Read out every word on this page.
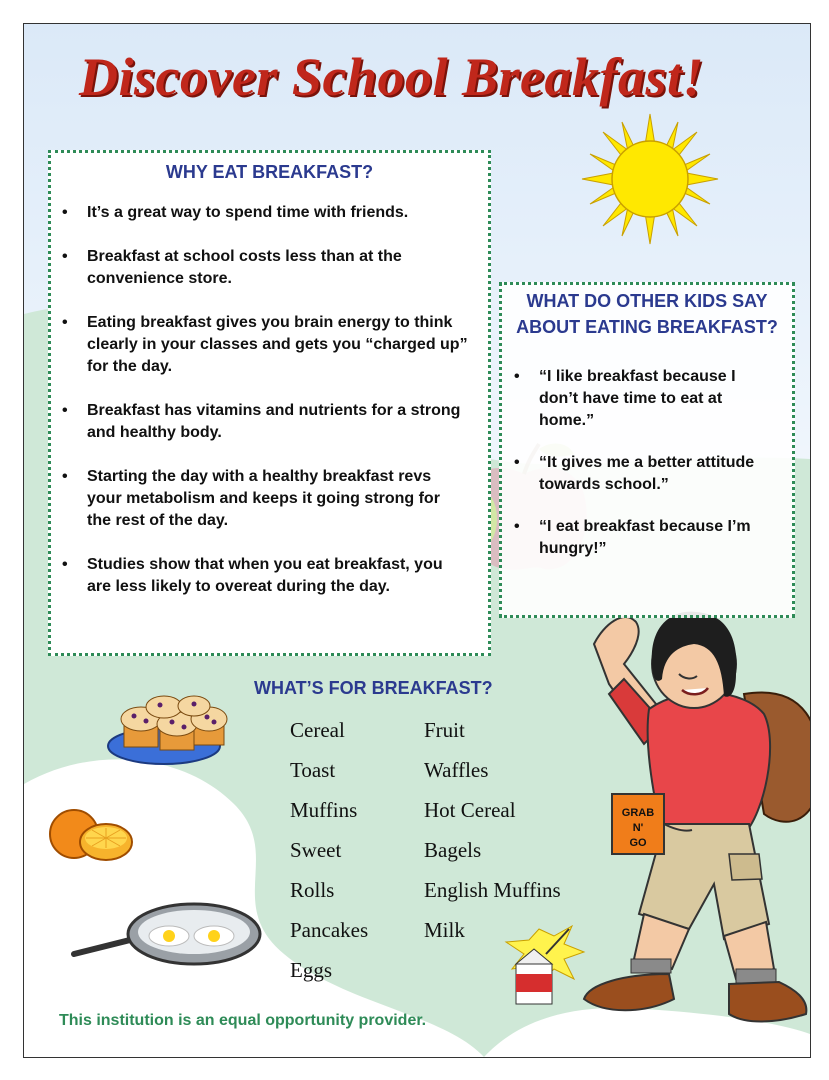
GRAB
N'
GO
Discover School Breakfast!
WHY EAT BREAKFAST?
• It’s a great way to spend time with friends.
• Breakfast at school costs less than at the convenience store.
• Eating breakfast gives you brain energy to think clearly in your classes and gets you “charged up” for the day.
• Breakfast has vitamins and nutrients for a strong and healthy body.
• Starting the day with a healthy breakfast revs your metabolism and keeps it going strong for the rest of the day.
• Studies show that when you eat breakfast, you are less likely to overeat during the day.
WHAT DO OTHER KIDS SAY ABOUT EATING BREAKFAST?
• “I like breakfast because I don’t have time to eat at home.”
• “It gives me a better attitude towards school.”
• “I eat breakfast because I’m hungry!”
WHAT’S FOR BREAKFAST?
Cereal
Toast
Muffins
Sweet
Rolls
Pancakes
Eggs
Fruit
Waffles
Hot Cereal
Bagels
English Muffins
Milk
This institution is an equal opportunity provider.
